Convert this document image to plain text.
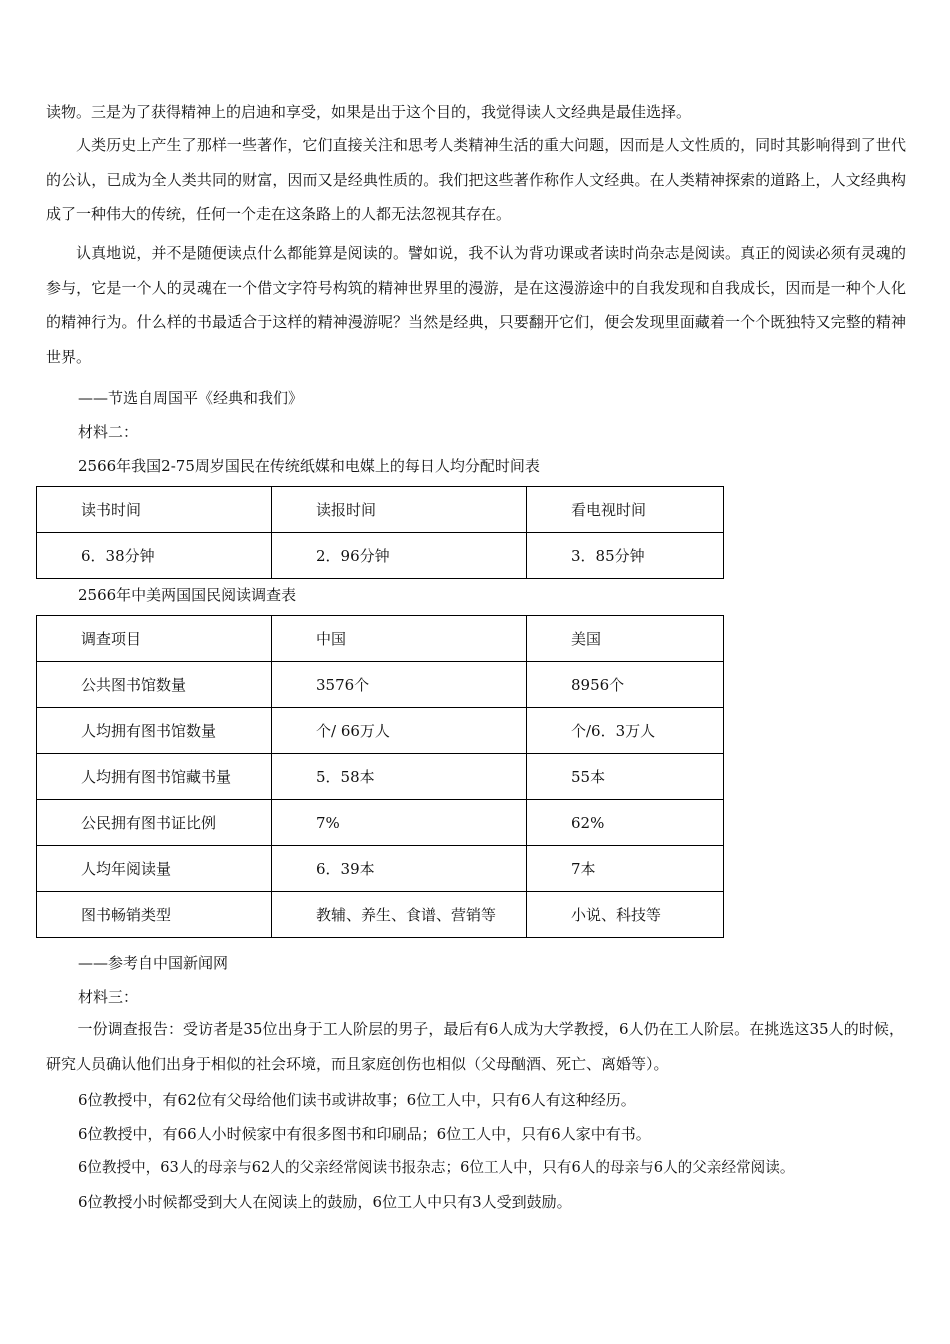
读物。三是为了获得精神上的启迪和享受，如果是出于这个目的，我觉得读人文经典是最佳选择。
人类历史上产生了那样一些著作，它们直接关注和思考人类精神生活的重大问题，因而是人文性质的，同时其影响得到了世代的公认，已成为全人类共同的财富，因而又是经典性质的。我们把这些著作称作人文经典。在人类精神探索的道路上，人文经典构成了一种伟大的传统，任何一个走在这条路上的人都无法忽视其存在。
认真地说，并不是随便读点什么都能算是阅读的。譬如说，我不认为背功课或者读时尚杂志是阅读。真正的阅读必须有灵魂的参与，它是一个人的灵魂在一个借文字符号构筑的精神世界里的漫游，是在这漫游途中的自我发现和自我成长，因而是一种个人化的精神行为。什么样的书最适合于这样的精神漫游呢？当然是经典，只要翻开它们，便会发现里面藏着一个个既独特又完整的精神世界。
——节选自周国平《经典和我们》
材料二：
2566年我国2-75周岁国民在传统纸媒和电媒上的每日人均分配时间表
读书时间	读报时间	看电视时间
6．38分钟	2．96分钟	3．85分钟
2566年中美两国国民阅读调查表
调查项目	中国	美国
公共图书馆数量	3576个	8956个
人均拥有图书馆数量	个/ 66万人	个/6．3万人
人均拥有图书馆藏书量	5．58本	55本
公民拥有图书证比例	7%	62%
人均年阅读量	6．39本	7本
图书畅销类型	教辅、养生、食谱、营销等	小说、科技等
——参考自中国新闻网
材料三：
一份调查报告：受访者是35位出身于工人阶层的男子，最后有6人成为大学教授，6人仍在工人阶层。在挑选这35人的时候，研究人员确认他们出身于相似的社会环境，而且家庭创伤也相似（父母酗酒、死亡、离婚等）。
6位教授中，有62位有父母给他们读书或讲故事；6位工人中，只有6人有这种经历。
6位教授中，有66人小时候家中有很多图书和印刷品；6位工人中，只有6人家中有书。
6位教授中，63人的母亲与62人的父亲经常阅读书报杂志；6位工人中，只有6人的母亲与6人的父亲经常阅读。
6位教授小时候都受到大人在阅读上的鼓励，6位工人中只有3人受到鼓励。
